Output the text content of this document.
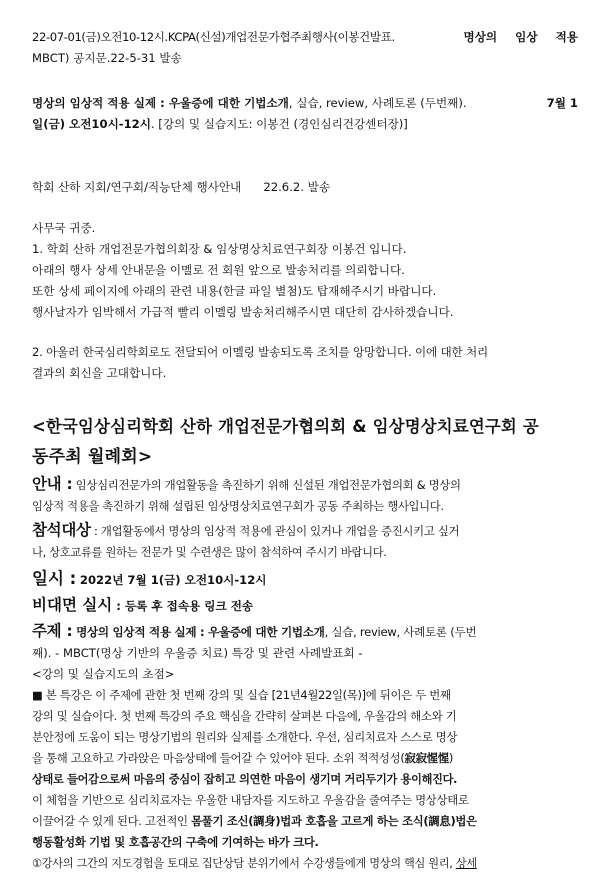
22-07-01(금)오전10-12시.KCPA(신설)개업전문가협주최행사(이봉건발표.	명상의 임상 적용
MBCT) 공지문.22-5-31 발송
명상의 임상적 적용 실제 : 우울증에 대한 기법소개, 실습, review, 사례토론 (두번째).	7월 1
일(금) 오전10시-12시. [강의 및 실습지도: 이봉건 (경인심리건강센터장)]
학회 산하 지회/연구회/직능단체 행사안내      22.6.2. 발송
사무국 귀중.
1. 학회 산하 개업전문가협의회장 & 임상명상치료연구회장 이봉건 입니다.
아래의 행사 상세 안내문을 이멜로 전 회원 앞으로 발송처리를 의뢰합니다.
또한 상세 페이지에 아래의 관련 내용(한글 파일 별첨)도 탑재해주시기 바랍니다.
행사날자가 임박해서 가급적 빨리 이멜링 발송처리해주시면 대단히 감사하겠습니다.
2. 아울러 한국심리학회로도 전달되어 이멜링 발송되도록 조치를 앙망합니다. 이에 대한 처리
결과의 회신을 고대합니다.
<한국임상심리학회 산하 개업전문가협의회 & 임상명상치료연구회 공
동주최 월례회>
안내 : 임상심리전문가의 개업활동을 촉진하기 위해 신설된 개업전문가협의회 & 명상의
임상적 적용을 촉진하기 위해 설립된 임상명상치료연구회가 공동 주최하는 행사입니다.
참석대상 : 개업활동에서 명상의 임상적 적용에 관심이 있거나 개업을 증진시키고 싶거
나, 상호교류를 원하는 전문가 및 수련생은 많이 참석하여 주시기 바랍니다.
일시 : 2022년 7월 1(금) 오전10시-12시
비대면 실시 : 등록 후 접속용 링크 전송
주제 : 명상의 임상적 적용 실제 : 우울증에 대한 기법소개, 실습, review, 사례토론 (두번
째). - MBCT(명상 기반의 우울증 치료) 특강 및 관련 사례발표회 -
<강의 및 실습지도의 초점>
■ 본 특강은 이 주제에 관한 첫 번째 강의 및 실습 [21년4월22일(목)]에 뒤이은 두 번째
강의 및 실습이다. 첫 번째 특강의 주요 핵심을 간략히 살펴본 다음에, 우울감의 해소와 기
분안정에 도움이 되는 명상기법의 원리와 실제를 소개한다. 우선, 심리치료자 스스로 명상
을 통해 고요하고 가라앉은 마음상태에 들어갈 수 있어야 된다. 소위 적적성성(寂寂惺惺)
상태로 들어감으로써 마음의 중심이 잡히고 의연한 마음이 생기며 거리두기가 용이해진다.
이 체험을 기반으로 심리치료자는 우울한 내담자를 지도하고 우울감을 줄여주는 명상상태로
이끌어갈 수 있게 된다. 고전적인 몸풀기 조신(調身)법과 호흡을 고르게 하는 조식(調息)법은
행동활성화 기법 및 호흡공간의 구축에 기여하는 바가 크다.
①강사의 그간의 지도경험을 토대로 집단상담 분위기에서 수강생들에게 명상의 핵심 원리, 상세
